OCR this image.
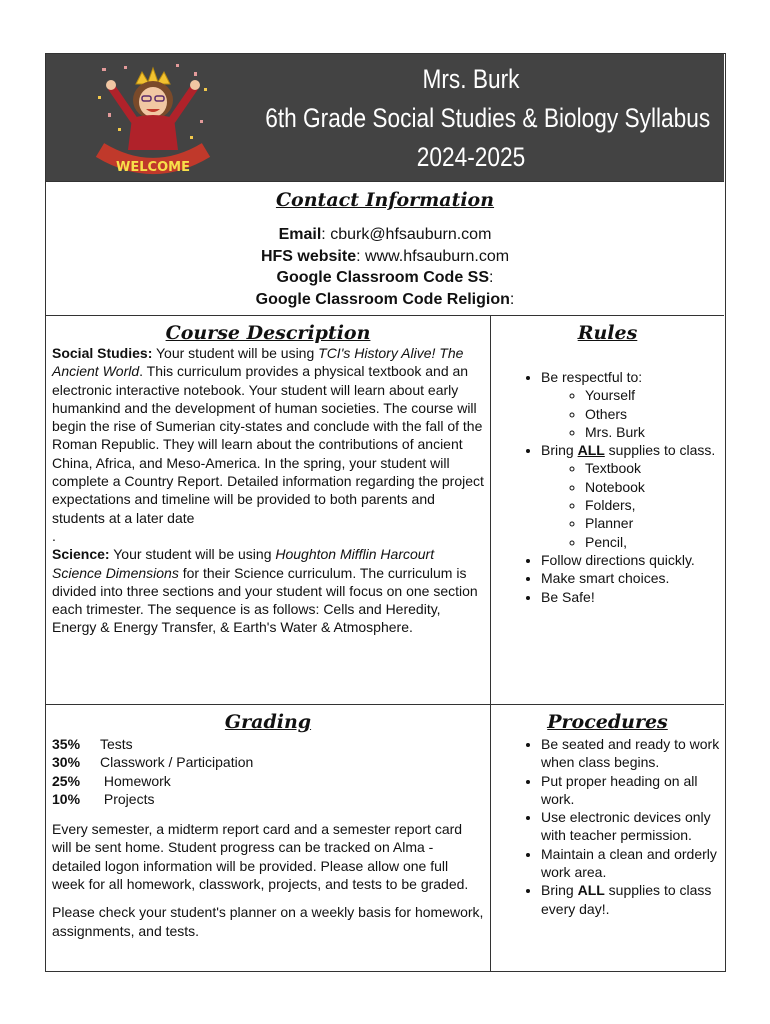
WELCOME
Mrs. Burk
6th Grade Social Studies & Biology Syllabus
2024-2025
Contact Information
Email: cburk@hfsauburn.com
HFS website: www.hfsauburn.com
Google Classroom Code SS:
Google Classroom Code Religion:
Course Description

Social Studies: Your student will be using TCI's History Alive! The Ancient World. This curriculum provides a physical textbook and an electronic interactive notebook. Your student will learn about early humankind and the development of human societies. The course will begin the rise of Sumerian city-states and conclude with the fall of the Roman Republic. They will learn about the contributions of ancient China, Africa, and Meso-America. In the spring, your student will complete a Country Report. Detailed information regarding the project expectations and timeline will be provided to both parents and students at a later date

.

Science: Your student will be using Houghton Mifflin Harcourt Science Dimensions for their Science curriculum. The curriculum is divided into three sections and your student will focus on one section each trimester. The sequence is as follows: Cells and Heredity, Energy & Energy Transfer, & Earth's Water & Atmosphere.

Rules
• Be respectful to:
◦ Yourself
◦ Others
◦ Mrs. Burk
• Bring ALL supplies to class.
◦ Textbook
◦ Notebook
◦ Folders,
◦ Planner
◦ Pencil,
• Follow directions quickly.
• Make smart choices.
• Be Safe!
Grading
35% Tests
30% Classwork / Participation
25% Homework
10% Projects

Every semester, a midterm report card and a semester report card will be sent home. Student progress can be tracked on Alma - detailed logon information will be provided. Please allow one full week for all homework, classwork, projects, and tests to be graded.

Please check your student's planner on a weekly basis for homework, assignments, and tests.

Procedures
• Be seated and ready to work when class begins.
• Put proper heading on all work.
• Use electronic devices only with teacher permission.
• Maintain a clean and orderly work area.
• Bring ALL supplies to class every day!.
